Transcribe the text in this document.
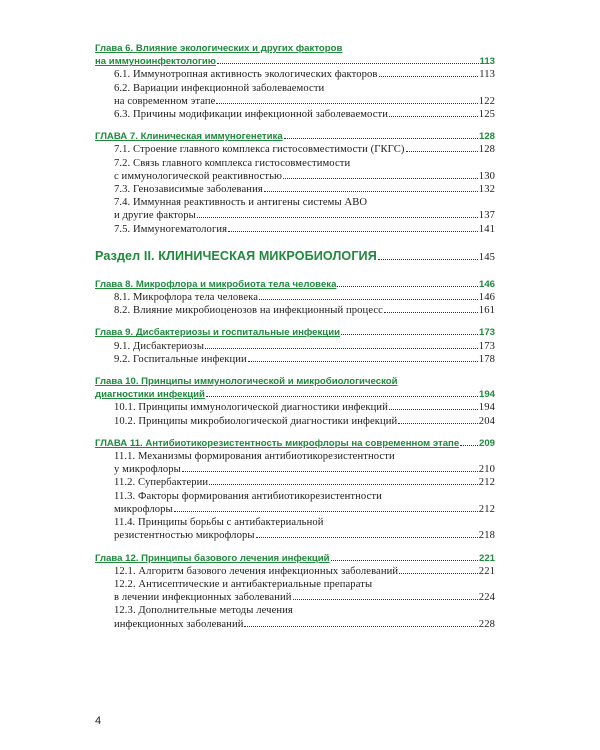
Глава 6. Влияние экологических и других факторов
на иммуноинфектологию	113
6.1. Иммунотропная активность экологических факторов	113
6.2. Вариации инфекционной заболеваемости
на современном этапе	122
6.3. Причины модификации инфекционной заболеваемости	125
ГЛАВА 7. Клиническая иммуногенетика	128
7.1. Строение главного комплекса гистосовместимости (ГКГС)	128
7.2. Связь главного комплекса гистосовместимости
с иммунологической реактивностью	130
7.3. Генозависимые заболевания	132
7.4. Иммунная реактивность и антигены системы АВО
и другие факторы	137
7.5. Иммуногематология	141
Раздел II. КЛИНИЧЕСКАЯ МИКРОБИОЛОГИЯ	145
Глава 8. Микрофлора и микробиота тела человека	146
8.1. Микрофлора тела человека	146
8.2. Влияние микробиоценозов на инфекционный процесс	161
Глава 9. Дисбактериозы и госпитальные инфекции	173
9.1. Дисбактериозы	173
9.2. Госпитальные инфекции	178
Глава 10. Принципы иммунологической и микробиологической
диагностики инфекций	194
10.1. Принципы иммунологической диагностики инфекций	194
10.2. Принципы микробиологической диагностики инфекций	204
ГЛАВА 11. Антибиотикорезистентность микрофлоры на современном этапе 209
11.1. Механизмы формирования антибиотикорезистентности
у микрофлоры	210
11.2. Супербактерии	212
11.3. Факторы формирования антибиотикорезистентности
микрофлоры	212
11.4. Принципы борьбы с антибактериальной
резистентностью микрофлоры	218
Глава 12. Принципы базового лечения инфекций	221
12.1. Алгоритм базового лечения инфекционных заболеваний	221
12.2. Антисептические и антибактериальные препараты
в лечении инфекционных заболеваний	224
12.3. Дополнительные методы лечения
инфекционных заболеваний	228
4
